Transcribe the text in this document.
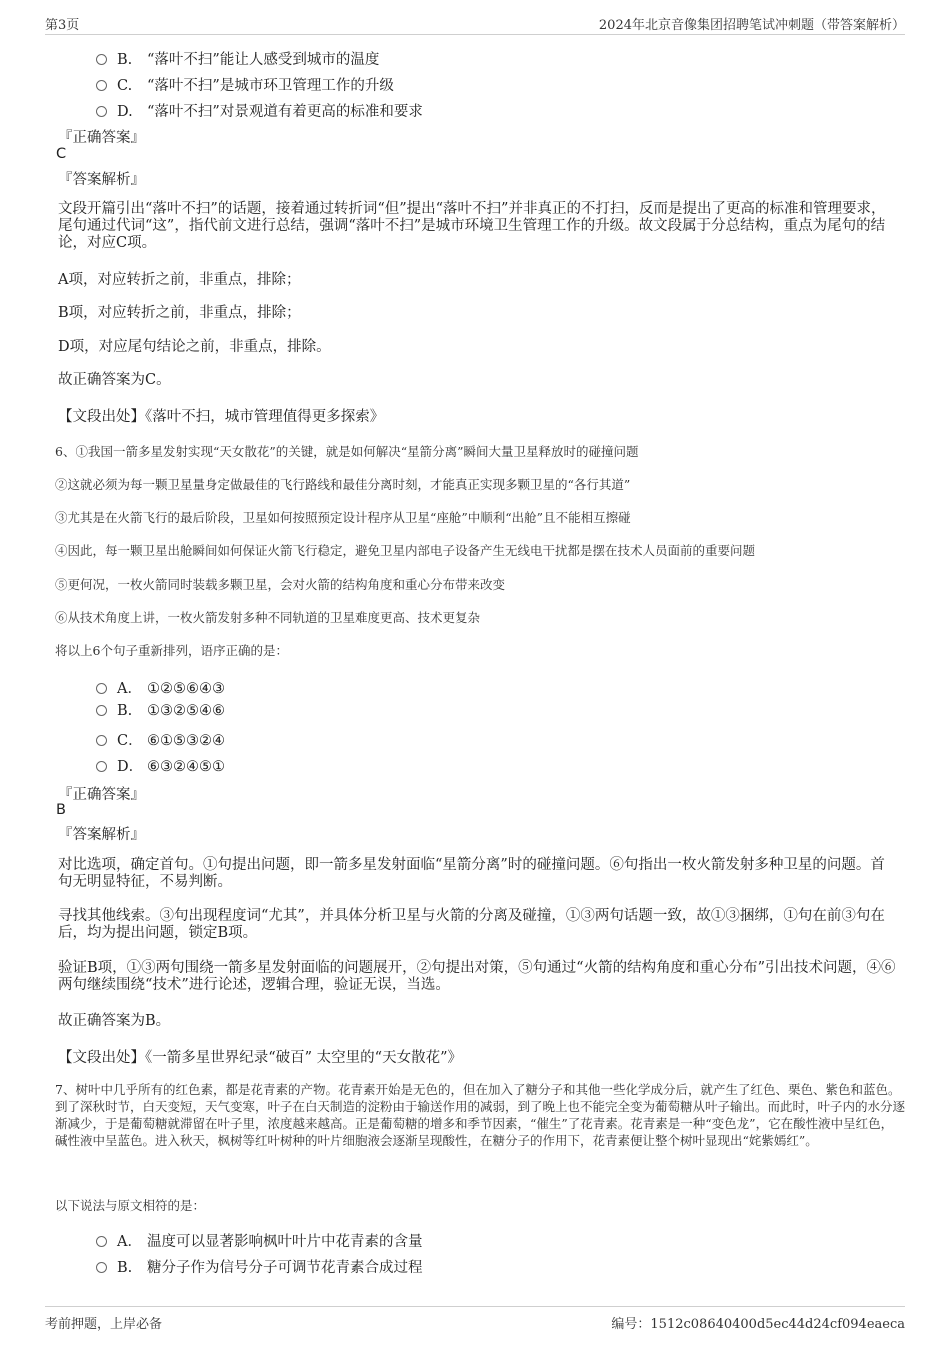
第3页	2024年北京音像集团招聘笔试冲刺题（带答案解析）
B. “落叶不扫”能让人感受到城市的温度
C. “落叶不扫”是城市环卫管理工作的升级
D. “落叶不扫”对景观道有着更高的标准和要求
『正确答案』
C
『答案解析』
文段开篇引出“落叶不扫”的话题，接着通过转折词“但”提出“落叶不扫”并非真正的不打扫，反而是提出了更高的标准和管理要求，尾句通过代词“这”，指代前文进行总结，强调“落叶不扫”是城市环境卫生管理工作的升级。故文段属于分总结构，重点为尾句的结论，对应C项。
A项，对应转折之前，非重点，排除；
B项，对应转折之前，非重点，排除；
D项，对应尾句结论之前，非重点，排除。
故正确答案为C。
【文段出处】《落叶不扫，城市管理值得更多探索》
6、①我国一箭多星发射实现“天女散花”的关键，就是如何解决“星箭分离”瞬间大量卫星释放时的碰撞问题
②这就必须为每一颗卫星量身定做最佳的飞行路线和最佳分离时刻，才能真正实现多颗卫星的“各行其道”
③尤其是在火箭飞行的最后阶段，卫星如何按照预定设计程序从卫星“座舱”中顺利“出舱”且不能相互擦碰
④因此，每一颗卫星出舱瞬间如何保证火箭飞行稳定，避免卫星内部电子设备产生无线电干扰都是摆在技术人员面前的重要问题
⑤更何况，一枚火箭同时装载多颗卫星，会对火箭的结构角度和重心分布带来改变
⑥从技术角度上讲，一枚火箭发射多种不同轨道的卫星难度更高、技术更复杂
将以上6个句子重新排列，语序正确的是：
A． ①②⑤⑥④③
B. ①③②⑤④⑥
C． ⑥①⑤③②④
D． ⑥③②④⑤①
『正确答案』
B
『答案解析』
对比选项，确定首句。①句提出问题，即一箭多星发射面临“星箭分离”时的碰撞问题。⑥句指出一枚火箭发射多种卫星的问题。首句无明显特征，不易判断。
寻找其他线索。③句出现程度词“尤其”，并具体分析卫星与火箭的分离及碰撞，①③两句话题一致，故①③捆绑，①句在前③句在后，均为提出问题，锁定B项。
验证B项，①③两句围绕一箭多星发射面临的问题展开，②句提出对策，⑤句通过“火箭的结构角度和重心分布”引出技术问题，④⑥两句继续围绕“技术”进行论述，逻辑合理，验证无误，当选。
故正确答案为B。
【文段出处】《一箭多星世界纪录“破百” 太空里的“天女散花”》
7、树叶中几乎所有的红色素，都是花青素的产物。花青素开始是无色的，但在加入了糖分子和其他一些化学成分后，就产生了红色、栗色、紫色和蓝色。到了深秋时节，白天变短，天气变寒，叶子在白天制造的淀粉由于输送作用的减弱，到了晚上也不能完全变为葡萄糖从叶子输出。而此时，叶子内的水分逐渐减少，于是葡萄糖就滞留在叶子里，浓度越来越高。正是葡萄糖的增多和季节因素，“催生”了花青素。花青素是一种“变色龙”，它在酸性液中呈红色，碱性液中呈蓝色。进入秋天，枫树等红叶树种的叶片细胞液会逐渐呈现酸性，在糖分子的作用下，花青素便让整个树叶显现出“姹紫嫣红”。
以下说法与原文相符的是：
A． 温度可以显著影响枫叶叶片中花青素的含量
B. 糖分子作为信号分子可调节花青素合成过程
考前押题，上岸必备	编号：1512c08640400d5ec44d24cf094eaeca
